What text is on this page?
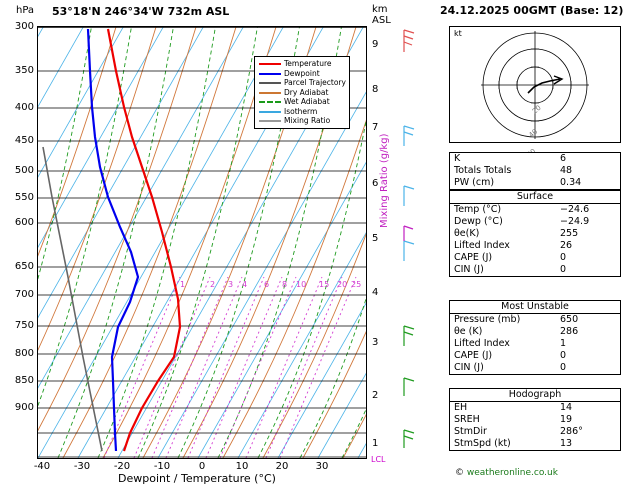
hPa 53°18'N 246°34'W 732m ASL	km
ASL
24.12.2025 00GMT (Base: 12)
1	2 3 4 6 8 10 15 20 25
Temperature
Dewpoint
Parcel Trajectory
Dry Adiabat
Wet Adiabat
Isotherm
Mixing Ratio
300
350
400
450
500
550
600
650
700
750
800
850
900
-40	-30	-20	-10	0	10	20	30
Dewpoint / Temperature (°C)
Mixing Ratio (g/kg)
9
8
7
6
5
4
3
2
1
LCL
kt
20
40
K	6
Totals Totals	48
PW (cm)	0.34
Surface
Temp (°C)	−24.6
Dewp (°C)	−24.9
θe(K)	255
Lifted Index	26
CAPE (J)	0
CIN (J)	0
Most Unstable
Pressure (mb)	650
θe (K)	286
Lifted Index	1
CAPE (J)	0
CIN (J)	0
Hodograph
EH	14
SREH	19
StmDir	286°
StmSpd (kt)	13
© weatheronline.co.uk
